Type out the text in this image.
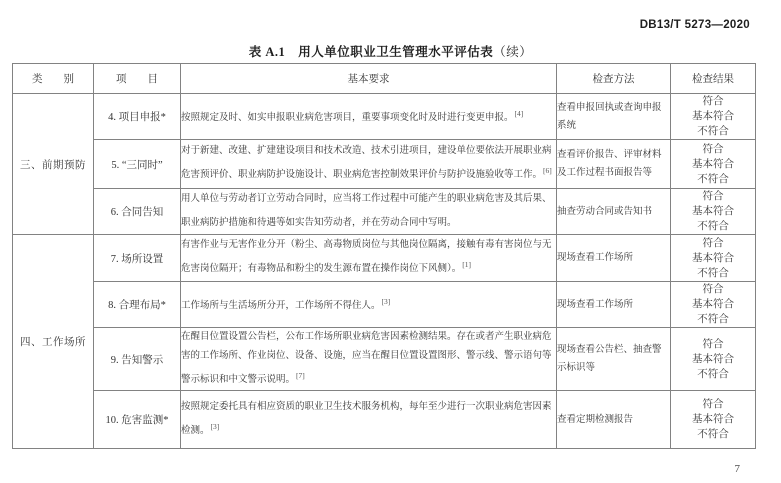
DB13/T 5273—2020
表 A.1　用人单位职业卫生管理水平评估表（续）
类　　别	项　　目	基本要求	检查方法	检查结果
三、前期预防	4. 项目申报*	按照规定及时、如实申报职业病危害项目，重要事项变化时及时进行变更申报。[4]	查看申报回执或查询申报系统	符合
基本符合
不符合

	5. “三同时”	对于新建、改建、扩建建设项目和技术改造、技术引进项目，建设单位要依法开展职业病危害预评价、职业病防护设施设计、职业病危害控制效果评价与防护设施验收等工作。[6]	查看评价报告、评审材料及工作过程书面报告等	符合
基本符合
不符合

	6. 合同告知	用人单位与劳动者订立劳动合同时，应当将工作过程中可能产生的职业病危害及其后果、职业病防护措施和待遇等如实告知劳动者，并在劳动合同中写明。	抽查劳动合同或告知书	符合
基本符合
不符合

四、工作场所	7. 场所设置	有害作业与无害作业分开（粉尘、高毒物质岗位与其他岗位隔离，接触有毒有害岗位与无危害岗位隔开；有毒物品和粉尘的发生源布置在操作岗位下风侧）。[1]	现场查看工作场所	符合
基本符合
不符合

	8. 合理布局*	工作场所与生活场所分开，工作场所不得住人。[3]	现场查看工作场所	符合
基本符合
不符合

	9. 告知警示	在醒目位置设置公告栏，公布工作场所职业病危害因素检测结果。存在或者产生职业病危害的工作场所、作业岗位、设备、设施，应当在醒目位置设置图形、警示线、警示语句等警示标识和中文警示说明。[7]	现场查看公告栏、抽查警示标识等	符合
基本符合
不符合

	10. 危害监测*	按照规定委托具有相应资质的职业卫生技术服务机构，每年至少进行一次职业病危害因素检测。[3]	查看定期检测报告	符合
基本符合
不符合
7
